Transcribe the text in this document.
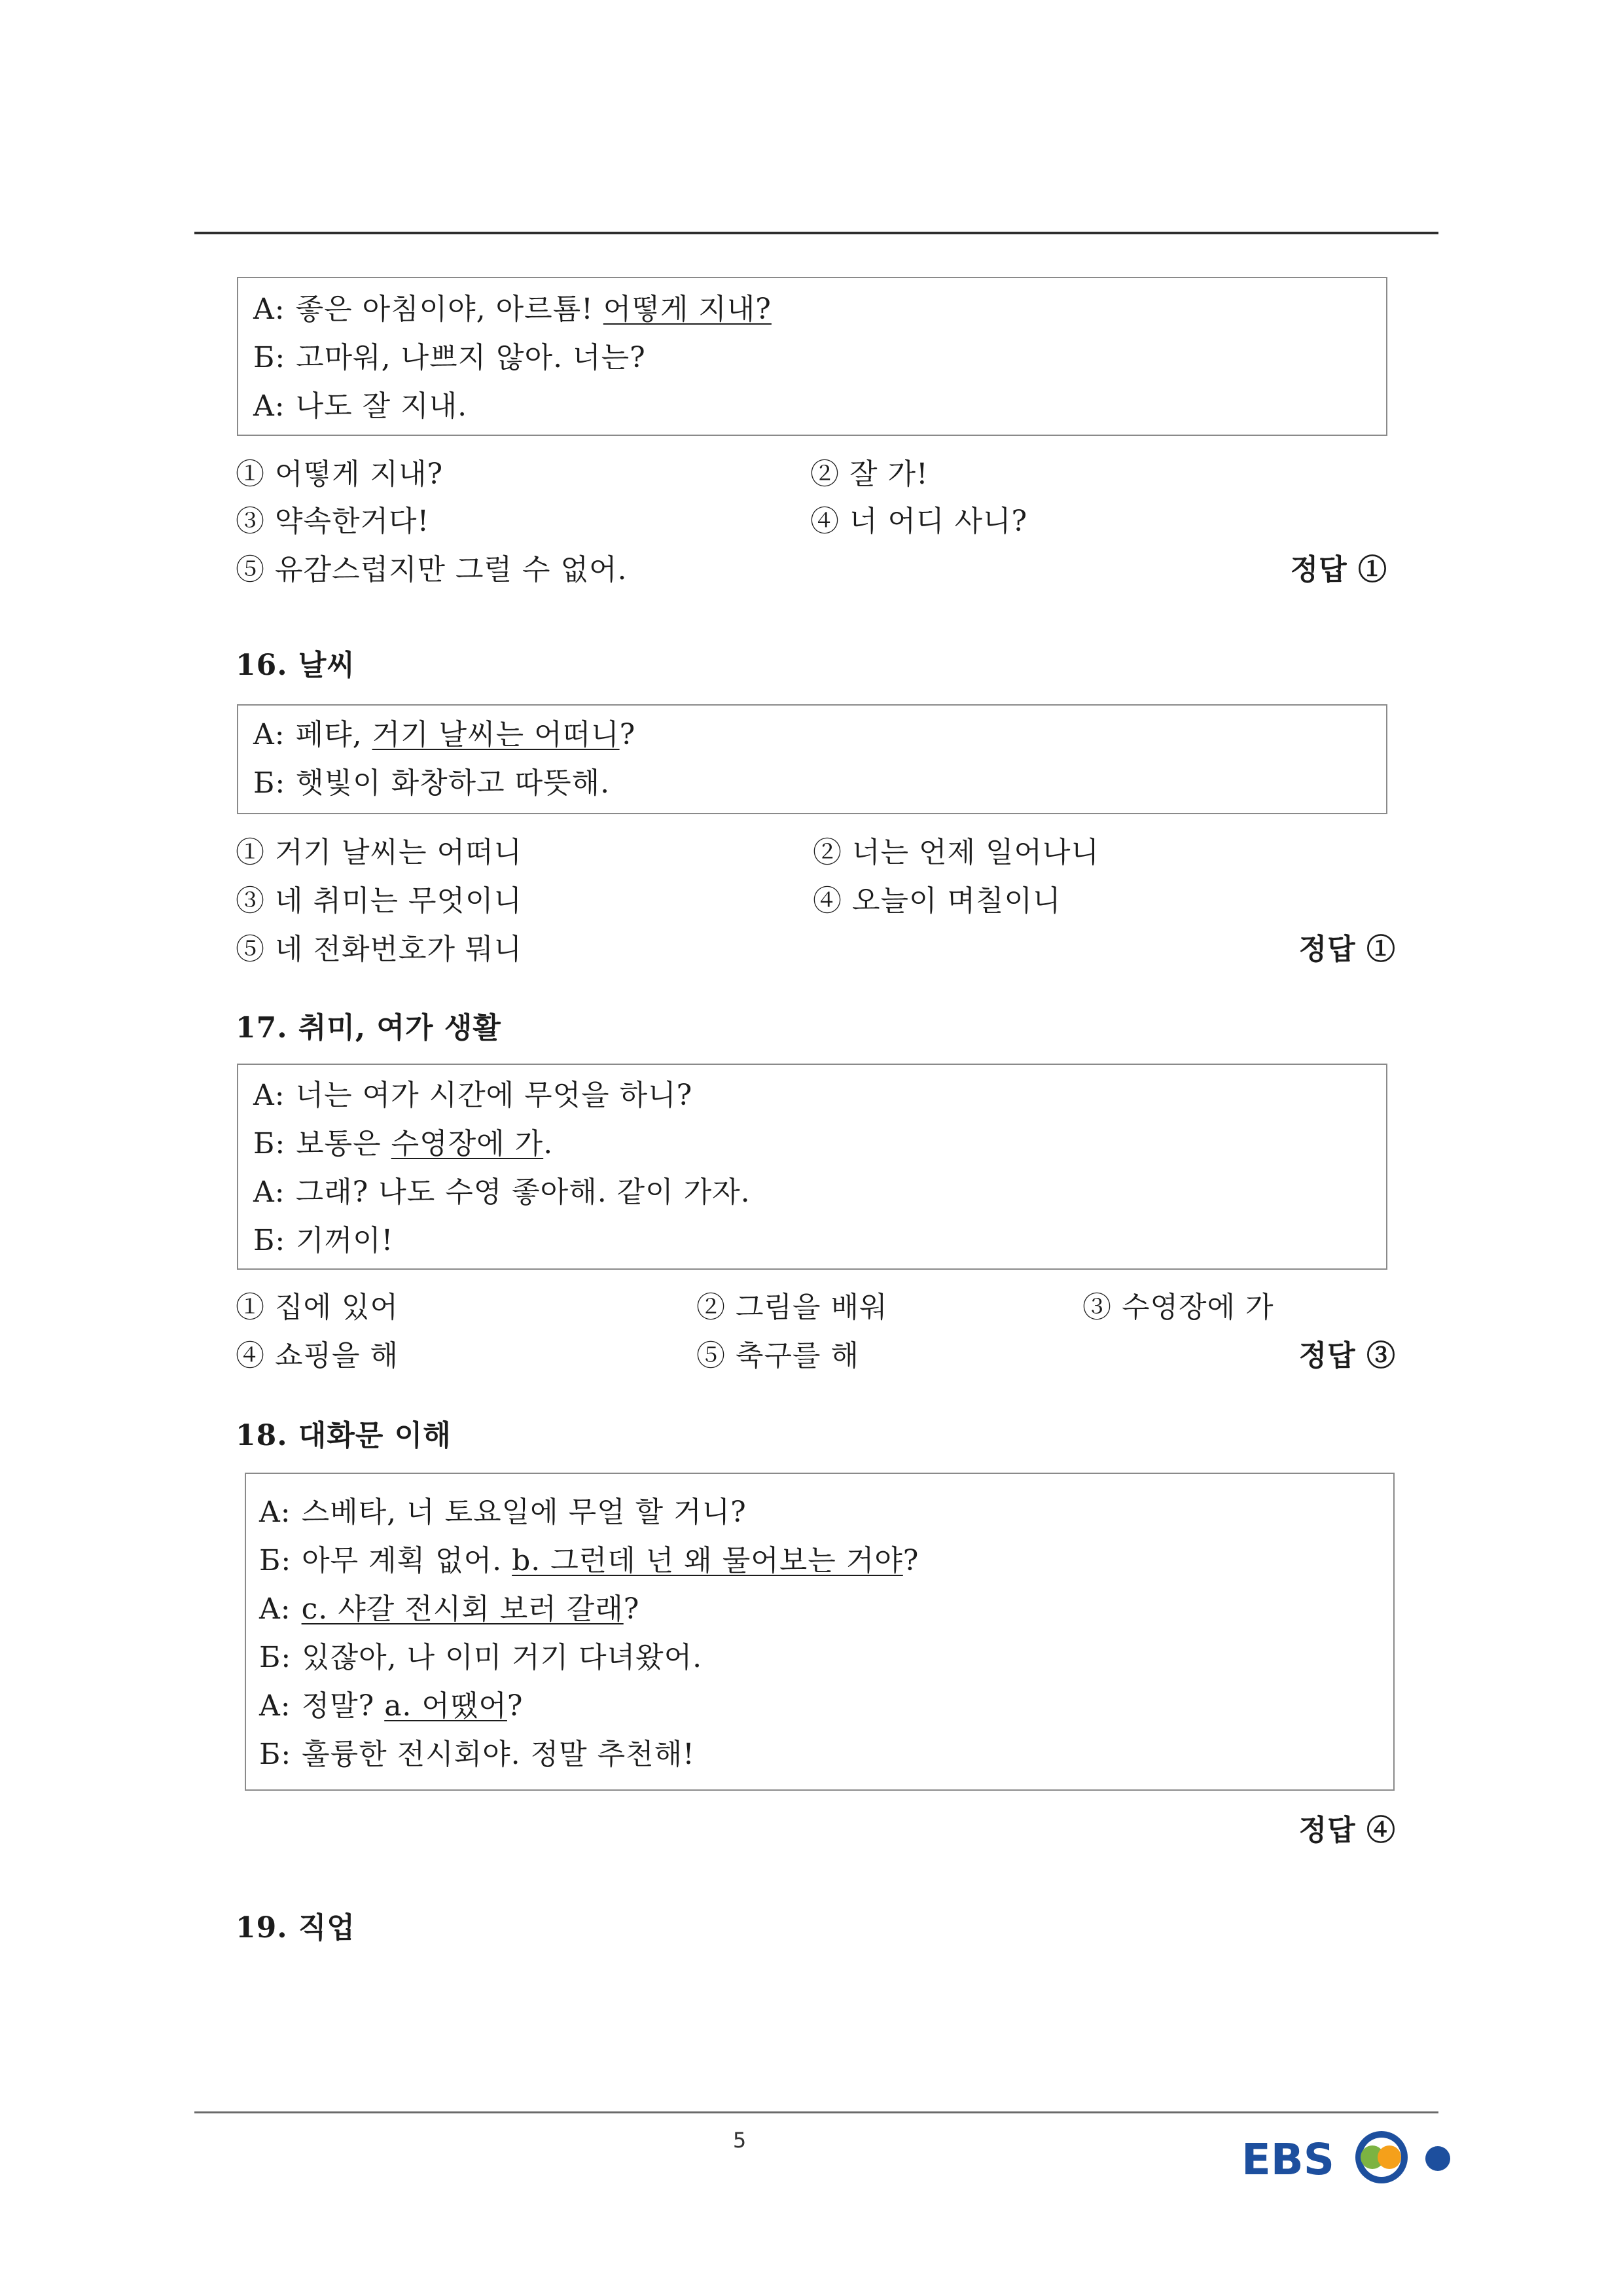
A: 좋은 아침이야, 아르툠! 어떻게 지내?
Б: 고마워, 나쁘지 않아. 너는?
A: 나도 잘 지내.
① 어떻게 지내?	② 잘 가!
③ 약속한거다!	④ 너 어디 사니?
⑤ 유감스럽지만 그럴 수 없어.	정답 ①
16. 날씨
A: 페탸, 거기 날씨는 어떠니?
Б: 햇빛이 화창하고 따뜻해.
① 거기 날씨는 어떠니	② 너는 언제 일어나니
③ 네 취미는 무엇이니	④ 오늘이 며칠이니
⑤ 네 전화번호가 뭐니	정답 ①
17. 취미, 여가 생활
A: 너는 여가 시간에 무엇을 하니?
Б: 보통은 수영장에 가.
A: 그래? 나도 수영 좋아해. 같이 가자.
Б: 기꺼이!
① 집에 있어	② 그림을 배워	③ 수영장에 가
④ 쇼핑을 해	⑤ 축구를 해	정답 ③
18. 대화문 이해
A: 스베타, 너 토요일에 무얼 할 거니?
Б: 아무 계획 없어. b. 그런데 넌 왜 물어보는 거야?
A: c. 샤갈 전시회 보러 갈래?
Б: 있잖아, 나 이미 거기 다녀왔어.
A: 정말? a. 어땠어?
Б: 훌륭한 전시회야. 정말 추천해!
정답 ④
19. 직업
5	EBS
